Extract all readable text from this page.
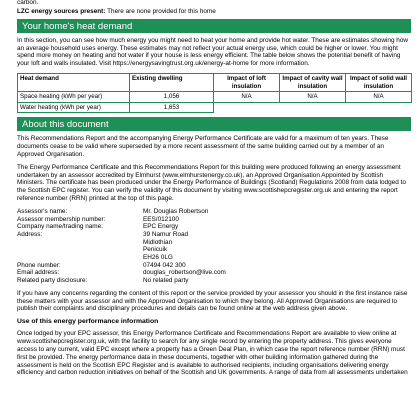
carbon.
LZC energy sources present: There are none provided for this home
Your home's heat demand

In this section, you can see how much energy you might need to heat your home and provide hot water. These are estimates showing how an average household uses energy. These estimates may not reflect your actual energy use, which could be higher or lower. You might spend more money on heating and hot water if your house is less energy efficient. The table below shows the potential benefit of having your loft and walls insulated. Visit https://energysavingtrust.org.uk/energy-at-home for more information.

Heat demand	Existing dwelling	Impact of loft insulation	Impact of cavity wall insulation	Impact of solid wall insulation
Space heating (kWh per year)	1,056	N/A	N/A	N/A
Water heating (kWh per year)	1,653			
About this document

This Recommendations Report and the accompanying Energy Performance Certificate are valid for a maximum of ten years. These documents cease to be valid where superseded by a more recent assessment of the same building carried out by a member of an Approved Organisation.

The Energy Performance Certificate and this Recommendations Report for this building were produced following an energy assessment undertaken by an assessor accredited by Elmhurst (www.elmhurstenergy.co.uk), an Approved Organisation Appointed by Scottish Ministers. The certificate has been produced under the Energy Performance of Buildings (Scotland) Regulations 2008 from data lodged to the Scottish EPC register. You can verify the validity of this document by visiting www.scottishepcregister.org.uk and entering the report reference number (RRN) printed at the top of this page.

Assessor's name:	Mr. Douglas Robertson
Assessor membership number:	EES/012100
Company name/trading name:	EPC Energy
Address:	39 Namur Road
Midlothian
Penicuik
EH26 0LG
Phone number:	07494 042 300
Email address:	douglas_robertson@live.com
Related party disclosure:	No related party

If you have any concerns regarding the content of this report or the service provided by your assessor you should in the first instance raise these matters with your assessor and with the Approved Organisation to which they belong. All Approved Organisations are required to publish their complaints and disciplinary procedures and details can be found online at the web address given above.

Use of this energy performance information

Once lodged by your EPC assessor, this Energy Performance Certificate and Recommendations Report are available to view online at www.scottishepcregister.org.uk, with the facility to search for any single record by entering the property address. This gives everyone access to any current, valid EPC except where a property has a Green Deal Plan, in which case the report reference number (RRN) must first be provided. The energy performance data in these documents, together with other building information gathered during the assessment is held on the Scottish EPC Register and is available to authorised recipients, including organisations delivering energy efficiency and carbon reduction initiatives on behalf of the Scottish and UK governments. A range of data from all assessments undertaken
